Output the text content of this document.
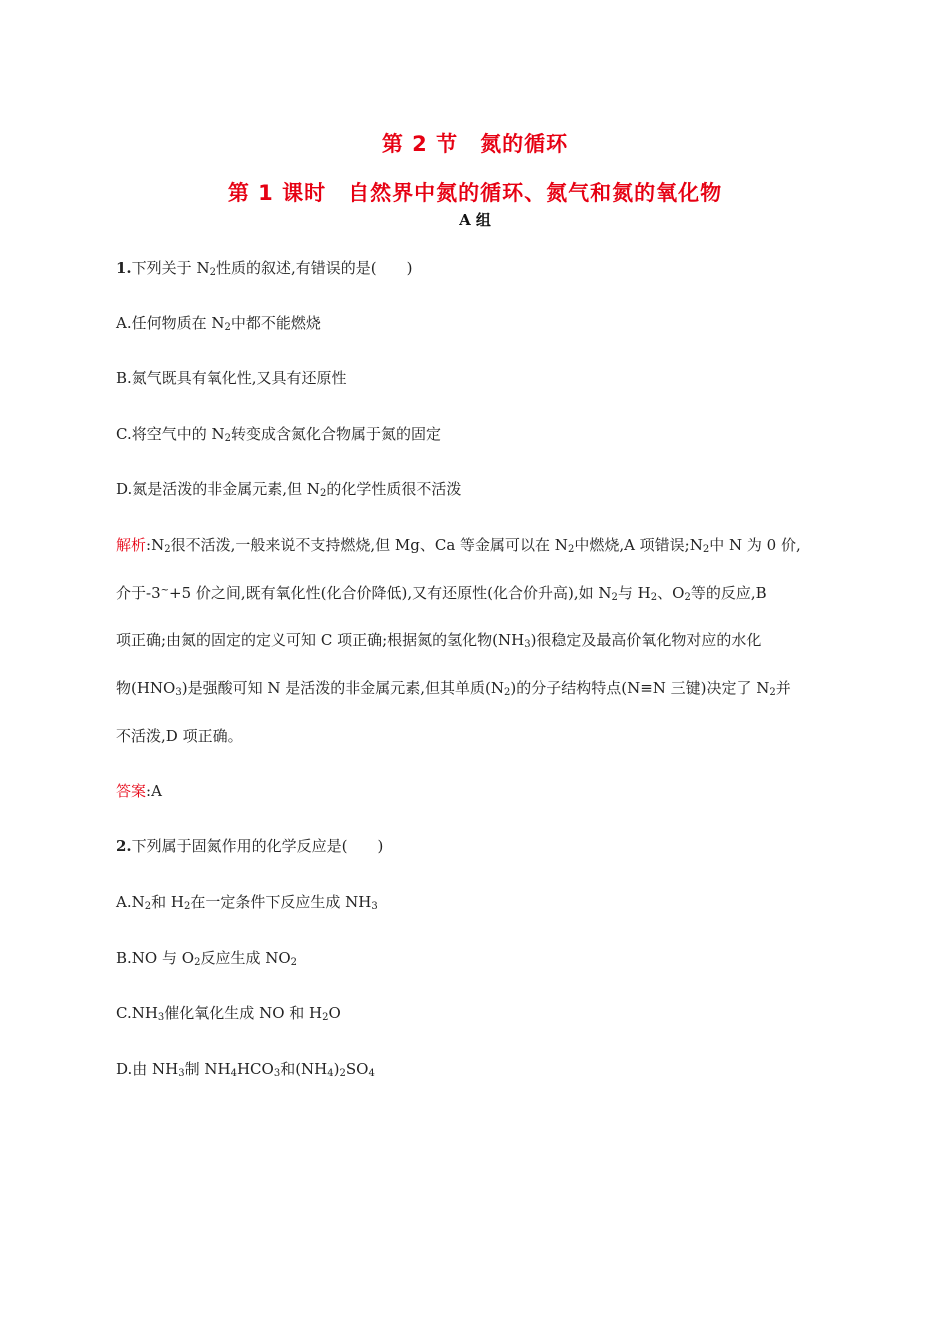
第 2 节　氮的循环
第 1 课时　自然界中氮的循环、氮气和氮的氧化物
A 组
1.下列关于 $N_2$性质的叙述,有错误的是(　　)
A.任何物质在 $N_2$中都不能燃烧
B.氮气既具有氧化性,又具有还原性
C.将空气中的 $N_2$转变成含氮化合物属于氮的固定
D.氮是活泼的非金属元素,但 $N_2$的化学性质很不活泼
解析$:N_2$很不活泼,一般来说不支持燃烧,但 Mg、Ca 等金属可以在 $N_2$中燃烧,A 项错误$;N_2$中 N 为 0 价,
介于-3~+5 价之间,既有氧化性(化合价降低),又有还原性(化合价升高),如 $N_2$与 $H_2$、$O_2$等的反应,B
项正确;由氮的固定的定义可知 C 项正确;根据氮的氢化物$(NH_3)$很稳定及最高价氧化物对应的水化
物$(HNO_3)$是强酸可知 N 是活泼的非金属元素,但其单质$(N_2)$的分子结构特点(N≡N 三键)决定了 $N_2$并
不活泼,D 项正确。
答案:A
2.下列属于固氮作用的化学反应是(　　)
$A.N_2$和 $H_2$在一定条件下反应生成 $NH_3$
B.NO 与 $O_2$反应生成 $NO_2$
$C.NH_3$催化氧化生成 NO 和 $H_2O$
D.由 $NH_3$制 $NH_4HCO_3$和$(NH_4)_2SO_4$
